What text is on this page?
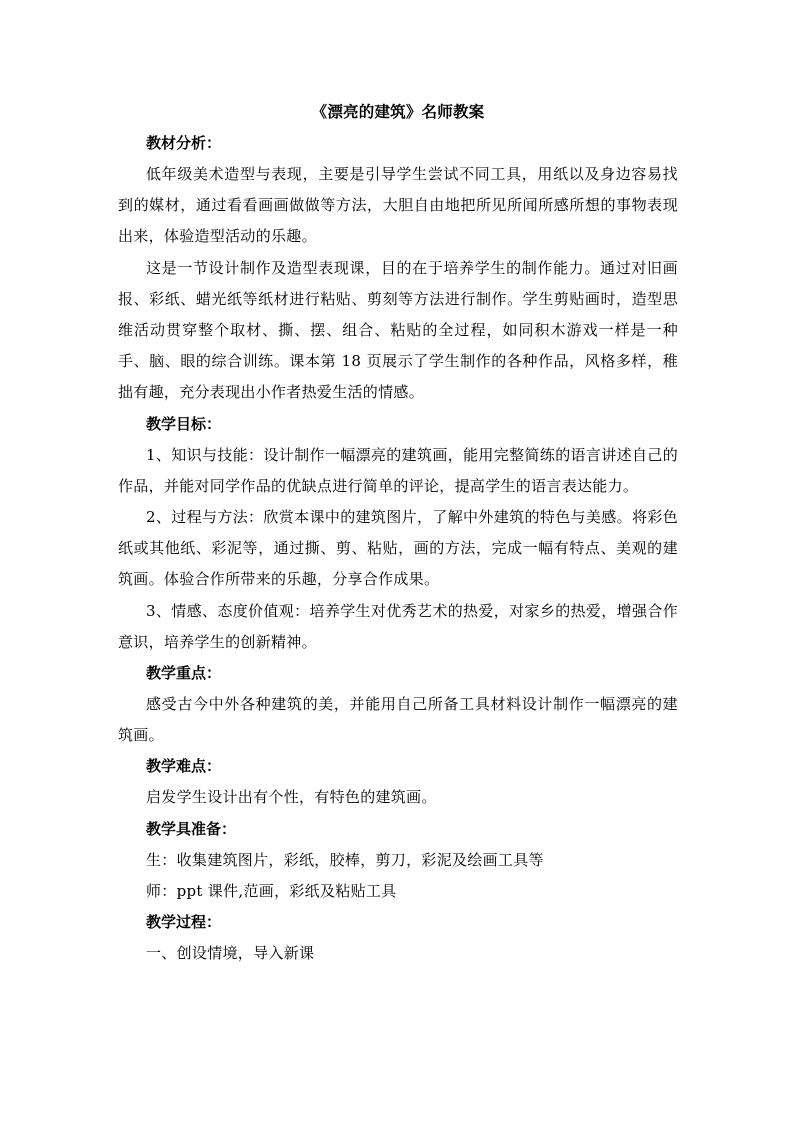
《漂亮的建筑》名师教案
教材分析：

低年级美术造型与表现，主要是引导学生尝试不同工具，用纸以及身边容易找到的媒材，通过看看画画做做等方法，大胆自由地把所见所闻所感所想的事物表现出来，体验造型活动的乐趣。

这是一节设计制作及造型表现课，目的在于培养学生的制作能力。通过对旧画报、彩纸、蜡光纸等纸材进行粘贴、剪刻等方法进行制作。学生剪贴画时，造型思维活动贯穿整个取材、撕、摆、组合、粘贴的全过程，如同积木游戏一样是一种手、脑、眼的综合训练。课本第 18 页展示了学生制作的各种作品，风格多样，稚拙有趣，充分表现出小作者热爱生活的情感。

教学目标：

1、知识与技能：设计制作一幅漂亮的建筑画，能用完整简练的语言讲述自己的作品，并能对同学作品的优缺点进行简单的评论，提高学生的语言表达能力。

2、过程与方法：欣赏本课中的建筑图片，了解中外建筑的特色与美感。将彩色纸或其他纸、彩泥等，通过撕、剪、粘贴，画的方法，完成一幅有特点、美观的建筑画。体验合作所带来的乐趣，分享合作成果。

3、情感、态度价值观：培养学生对优秀艺术的热爱，对家乡的热爱，增强合作意识，培养学生的创新精神。

教学重点：

感受古今中外各种建筑的美，并能用自己所备工具材料设计制作一幅漂亮的建筑画。

教学难点：

启发学生设计出有个性，有特色的建筑画。

教学具准备：

生：收集建筑图片，彩纸，胶棒，剪刀，彩泥及绘画工具等

师：ppt 课件,范画，彩纸及粘贴工具

教学过程：

一、创设情境，导入新课
